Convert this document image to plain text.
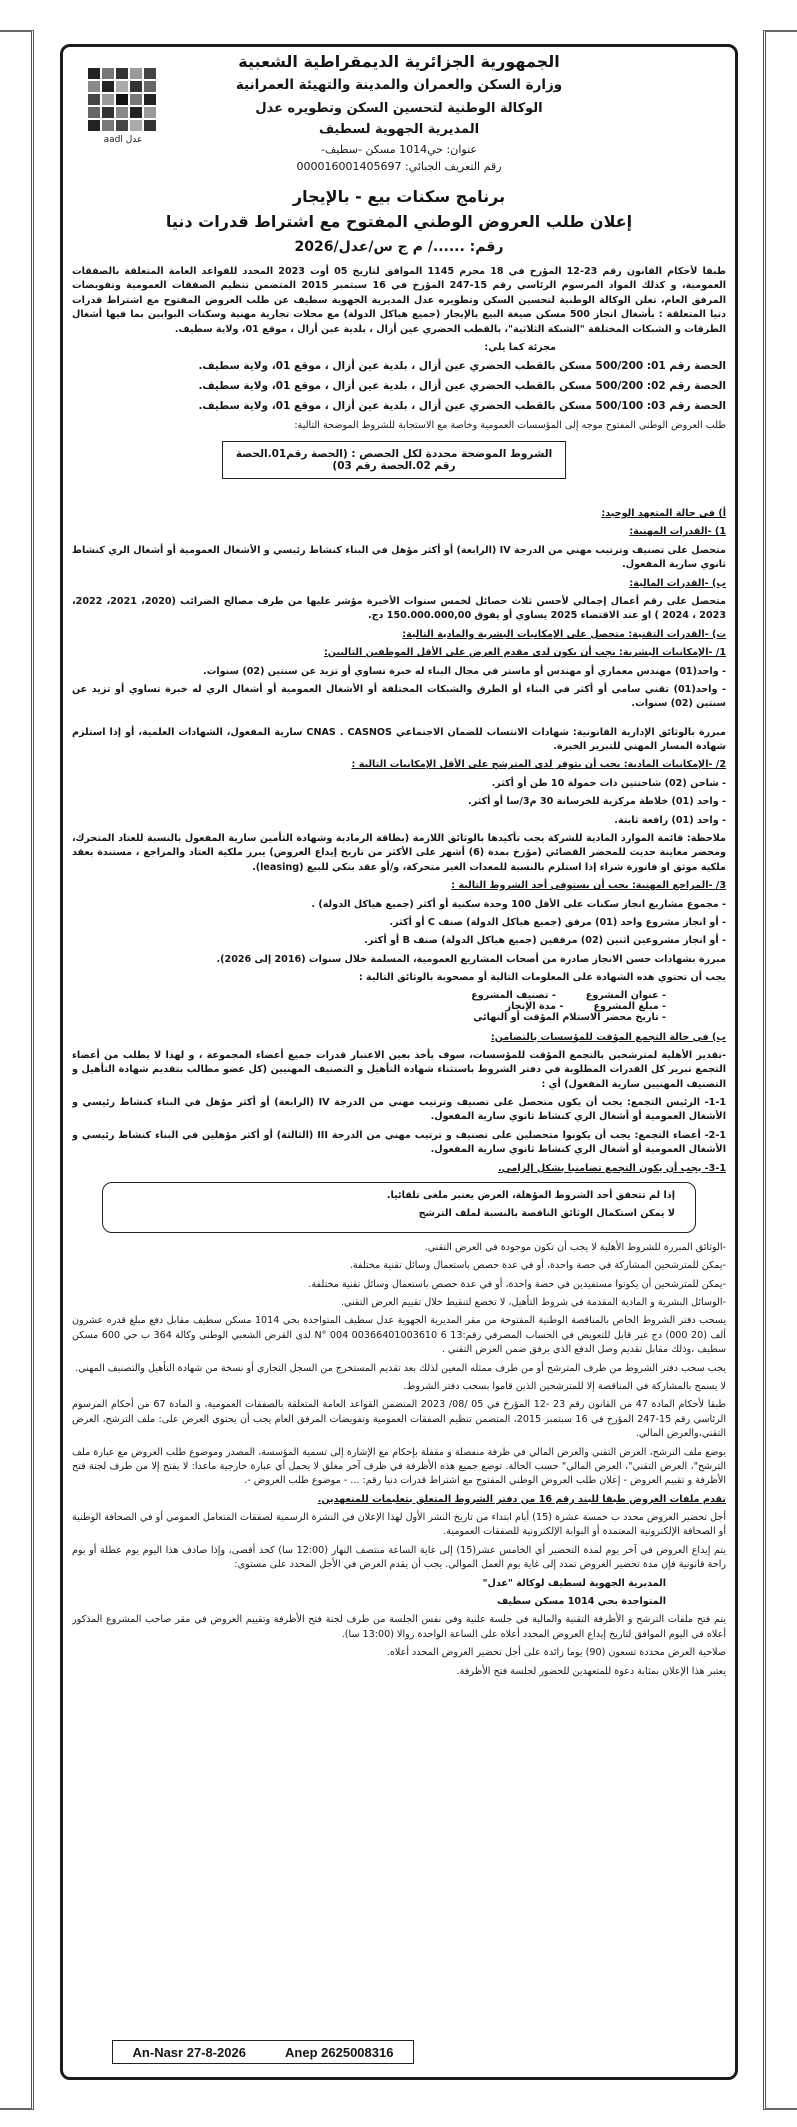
عدل aadl
الجمهورية الجزائرية الديمقراطية الشعبية
وزارة السكن والعمران والمدينة والتهيئة العمرانية
الوكالة الوطنية لتحسين السكن وتطويره عدل
المديرية الجهوية لسطيف
عنوان: حي1014 مسكن -سطيف-
رقم التعريف الجبائي: 000016001405697
برنامج سكنات بيع - بالإيجار
إعلان طلب العروض الوطني المفتوح مع اشتراط قدرات دنيا
رقم: ....../ م ج س/عدل/2026

طبقا لأحكام القانون رقم 23-12 المؤرخ في 18 محرم 1145 الموافق لتاريخ 05 أوت 2023 المحدد للقواعد العامة المتعلقة بالصفقات العمومية، و كذلك المواد المرسوم الرئاسي رقم 15-247 المؤرخ في 16 سبتمبر 2015 المتضمن تنظيم الصفقات العمومية وتفويضات المرفق العام، تعلن الوكالة الوطنية لتحسين السكن وتطويره عدل المديرية الجهوية سطيف عن طلب العروض المفتوح مع اشتراط قدرات دنيا المتعلقة : بأشغال انجاز 500 مسكن صيغة البيع بالإيجار (جميع هياكل الدولة) مع محلات تجارية مهنية وسكنات البوابين بما فيها أشغال الطرقات و الشبكات المختلفة "الشبكة الثلاثية"، بالقطب الحضري عين أزال ، بلدية عين أزال ، موقع 01، ولاية سطيف.

مجزئة كما يلي:

الحصة رقم 01: 500/200 مسكن بالقطب الحضري عين أزال ، بلدية عين أزال ، موقع 01، ولاية سطيف.

الحصة رقم 02: 500/200 مسكن بالقطب الحضري عين أزال ، بلدية عين أزال ، موقع 01، ولاية سطيف.

الحصة رقم 03: 500/100 مسكن بالقطب الحضري عين أزال ، بلدية عين أزال ، موقع 01، ولاية سطيف.

طلب العروض الوطني المفتوح موجه إلى المؤسسات العمومية وخاصة مع الاستجابة للشروط الموضحة التالية:

الشروط الموضحة محددة لكل الحصص : (الحصة رقم01.الحصة رقم 02.الحصة رقم 03)

أ) في حالة المتعهد الوحيد:

1) -القدرات المهنية:

متحصل على تصنيف وترتيب مهني من الدرجة IV (الرابعة) أو أكثر مؤهل في البناء كنشاط رئيسي و الأشغال العمومية أو أشغال الري كنشاط ثانوي سارية المفعول.

ب) -القدرات المالية:

متحصل على رقم أعمال إجمالي لأحسن ثلاث حصائل لخمس سنوات الأخيرة مؤشر عليها من طرف مصالح الضرائب (2020، 2021، 2022، 2023 ، 2024 ) او عند الاقتضاء 2025 يساوي أو يفوق 150.000.000,00 دج.

ت) -القدرات التقنية: متحصل على الإمكانيات البشرية والمادية التالية:

1/ -الإمكانيات البشرية: يجب أن يكون لدى مقدم العرض على الأقل الموظفين التاليين:

- واحد(01) مهندس معماري أو مهندس أو ماستر في مجال البناء له خبرة تساوي أو تزيد عن سنتين (02) سنوات.

- واحد(01) تقني سامي أو أكثر في البناء أو الطرق والشبكات المختلفة أو الأشغال العمومية أو أشغال الري له خبرة تساوي أو تزيد عن سنتين (02) سنوات.

مبررة بالوثائق الإدارية القانونية: شهادات الانتساب للضمان الاجتماعي CNAS . CASNOS سارية المفعول، الشهادات العلمية، أو إذا استلزم شهادة المسار المهني للتبرير الخبرة.

2/ -الإمكانيات المادية: يجب أن يتوفر لدى المترشح على الأقل الإمكانيات التالية :

- شاحن (02) شاحنتين ذات حمولة 10 طن أو أكثر.

- واحد (01) خلاطة مركزية للخرسانة 30 م3/سا أو أكثر.

- واحد (01) رافعة ثابتة.

ملاحظة: قائمة الموارد المادية للشركة يجب تأكيدها بالوثائق اللازمة (بطاقة الرمادية وشهادة التأمين سارية المفعول بالنسبة للعتاد المتحرك، ومحضر معاينة حديث للمحضر القضائي (مؤرخ بمدة (6) أشهر على الأكثر من تاريخ إيداع العروض) يبرر ملكية العتاد والمراجع ، مستندة بعقد ملكية موثق او فاتورة شراء إذا استلزم بالنسبة للمعدات الغير متحركة، و/أو عقد بنكي للبيع (leasing).

3/ -المراجع المهنية: يجب أن يستوفي أحد الشروط التالية :

- مجموع مشاريع انجاز سكنات على الأقل 100 وحدة سكنية أو أكثر (جميع هياكل الدولة) .

- أو انجاز مشروع واحد (01) مرفق (جميع هياكل الدولة) صنف C أو أكثر.

- أو انجاز مشروعين اثنين (02) مرفقين (جميع هياكل الدولة) صنف B أو أكثر.

مبررة بشهادات حسن الانجاز صادرة من أصحاب المشاريع العمومية، المسلمة خلال سنوات (2016 إلى 2026).

يجب أن تحتوي هذه الشهادة على المعلومات التالية أو مصحوبة بالوثائق التالية :

- عنوان المشروع
- تصنيف المشروع
- مبلغ المشروع
- مدة الإنجاز
- تاريخ محضر الاستلام المؤقت أو النهائي

ب) في حالة التجمع المؤقت للمؤسسات بالتضامن:

-تقدير الأهلية لمترشحين بالتجمع المؤقت للمؤسسات، سوف يأخذ بعين الاعتبار قدرات جميع أعضاء المجموعة ، و لهذا لا يطلب من أعضاء التجمع تبرير كل القدرات المطلوبة في دفتر الشروط باستثناء شهادة التأهيل و التصنيف المهنيين (كل عضو مطالب بتقديم شهادة التأهيل و التصنيف المهنيين سارية المفعول) أي :

1-1- الرئيس التجمع: يجب أن يكون متحصل على تصنيف وترتيب مهني من الدرجة IV (الرابعة) أو أكثر مؤهل في البناء كنشاط رئيسي و الأشغال العمومية أو أشغال الري كنشاط ثانوي سارية المفعول.

2-1- أعضاء التجمع: يجب أن يكونوا متحصلين على تصنيف و ترتيب مهني من الدرجة III (الثالثة) أو أكثر مؤهلين في البناء كنشاط رئيسي و الأشغال العمومية أو أشغال الري كنشاط ثانوي سارية المفعول.

3-1- يجب أن يكون التجمع تضامنيا بشكل إلزامي.

إذا لم تتحقق أحد الشروط المؤهلة، العرض يعتبر ملغى تلقائيا.

لا يمكن استكمال الوثائق الناقصة بالنسبة لملف الترشح

-الوثائق المبررة للشروط الأهلية لا يجب أن تكون موجودة في العرض التقني.

-يمكن للمترشحين المشاركة في حصة واحدة، أو في عدة حصص باستعمال وسائل تقنية مختلفة.

-يمكن للمترشحين أن يكونوا مستفيدين في حصة واحدة، أو في عدة حصص باستعمال وسائل تقنية مختلفة.

-الوسائل البشرية و المادية المقدمة في شروط التأهيل، لا تخضع لتنقيط خلال تقييم العرض التقني.

يسحب دفتر الشروط الخاص بالمناقصة الوطنية المفتوحة من مقر المديرية الجهوية عدل سطيف المتواجدة بحي 1014 مسكن سطيف مقابل دفع مبلغ قدره عشرون ألف (20 000) دج غير قابل للتعويض في الحساب المصرفي رقم:13 N° 004 00366401003610 6 لدى القرض الشعبي الوطني وكالة 364 ب حي 600 مسكن سطيف ،وذلك مقابل تقديم وصل الدفع الذي يرفق ضمن العرض التقني .

يجب سحب دفتر الشروط من طرف المترشح أو من طرف ممثله المعين لذلك بعد تقديم المستخرج من السجل التجاري أو نسخة من شهادة التأهيل والتصنيف المهني.

لا يسمح بالمشاركة في المناقصة إلا للمترشحين الذين قاموا بسحب دفتر الشروط.

طبقا لأحكام المادة 47 من القانون رقم 23 -12 المؤرخ في 05 /08/ 2023 المتضمن القواعد العامة المتعلقة بالصفقات العمومية، و المادة 67 من أحكام المرسوم الرئاسي رقم 15-247 المؤرخ في 16 سبتمبر 2015، المتضمن تنظيم الصفقات العمومية وتفويضات المرفق العام يجب أن يحتوي العرض على: ملف الترشح، العرض التقني،والعرض المالي.

يوضع ملف الترشح، العرض التقني والعرض المالي في ظرفة منفصلة و مقفلة بإحكام مع الإشارة إلى تسمية المؤسسة، المصدر وموضوع طلب العروض مع عبارة ملف الترشح"، العرض التقني"، العرض المالي" حسب الحالة. توضع جميع هذه الأظرفة في ظرف آخر مغلق لا يحمل أي عبارة خارجية ماعدا: لا يفتح إلا من طرف لجنة فتح الأظرفة و تقييم العروض - إعلان طلب العروض الوطني المفتوح مع اشتراط قدرات دنيا رقم: ... - موضوع طلب العروض -.

تقدم ملفات العروض طبقا للبند رقم 16 من دفتر الشروط المتعلق بتعليمات للمتعهدين.

أجل تحضير العروض محدد ب خمسة عشرة (15) أيام ابتداء من تاريخ النشر الأول لهذا الإعلان في النشرة الرسمية لصفقات المتعامل العمومي أو في الصحافة الوطنية أو الصحافة الإلكترونية المعتمدة أو البوابة الإلكترونية للصفقات العمومية.

يتم إيداع العروض في آخر يوم لمدة التحضير أي الخامس عشر(15) إلى غاية الساعة منتصف النهار (12:00 سا) كحد أقصى، وإذا صادف هذا اليوم يوم عطلة أو يوم راحة قانونية فإن مدة تحضير العروض تمدد إلى غاية يوم العمل الموالي. يجب أن يقدم العرض في الأجل المحدد على مستوى:

المديرية الجهوية لسطيف لوكالة "عدل"

المتواجدة بحي 1014 مسكن سطيف

يتم فتح ملفات الترشح و الأظرفة التقنية والمالية في جلسة علنية وفي نفس الجلسة من طرف لجنة فتح الأظرفة وتقييم العروض في مقر صاحب المشروع المذكور أعلاه في اليوم الموافق لتاريخ إيداع العروض المحدد أعلاه على الساعة الواحدة زوالا (13:00 سا).

صلاحية العرض محددة تسعون (90) يوما زائدة على أجل تحضير العروض المحدد أعلاه.

يعتبر هذا الإعلان بمثابة دعوة للمتعهدين للحضور لجلسة فتح الأظرفة.

An-Nasr 27-8-2026	Anep 2625008316
